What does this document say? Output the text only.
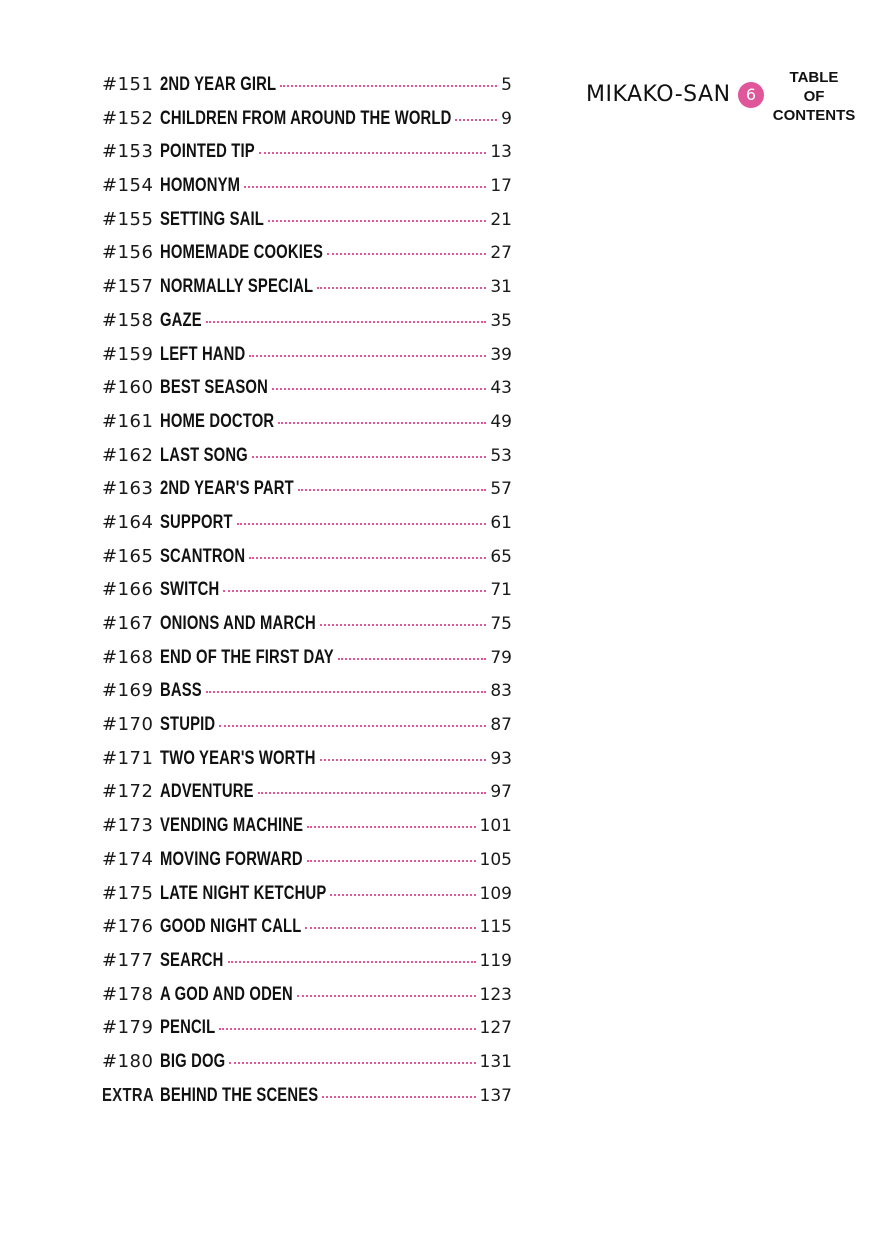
MIKAKO-SAN 6
TABLE
OF
CONTENTS
#151 2ND YEAR GIRL	5
#152 CHILDREN FROM AROUND THE WORLD	9
#153 POINTED TIP	13
#154 HOMONYM	17
#155 SETTING SAIL	21
#156 HOMEMADE COOKIES	27
#157 NORMALLY SPECIAL	31
#158 GAZE	35
#159 LEFT HAND	39
#160 BEST SEASON	43
#161 HOME DOCTOR	49
#162 LAST SONG	53
#163 2ND YEAR'S PART	57
#164 SUPPORT	61
#165 SCANTRON	65
#166 SWITCH	71
#167 ONIONS AND MARCH	75
#168 END OF THE FIRST DAY	79
#169 BASS	83
#170 STUPID	87
#171 TWO YEAR'S WORTH	93
#172 ADVENTURE	97
#173 VENDING MACHINE	101
#174 MOVING FORWARD	105
#175 LATE NIGHT KETCHUP	109
#176 GOOD NIGHT CALL	115
#177 SEARCH	119
#178 A GOD AND ODEN	123
#179 PENCIL	127
#180 BIG DOG	131
EXTRA BEHIND THE SCENES	137
